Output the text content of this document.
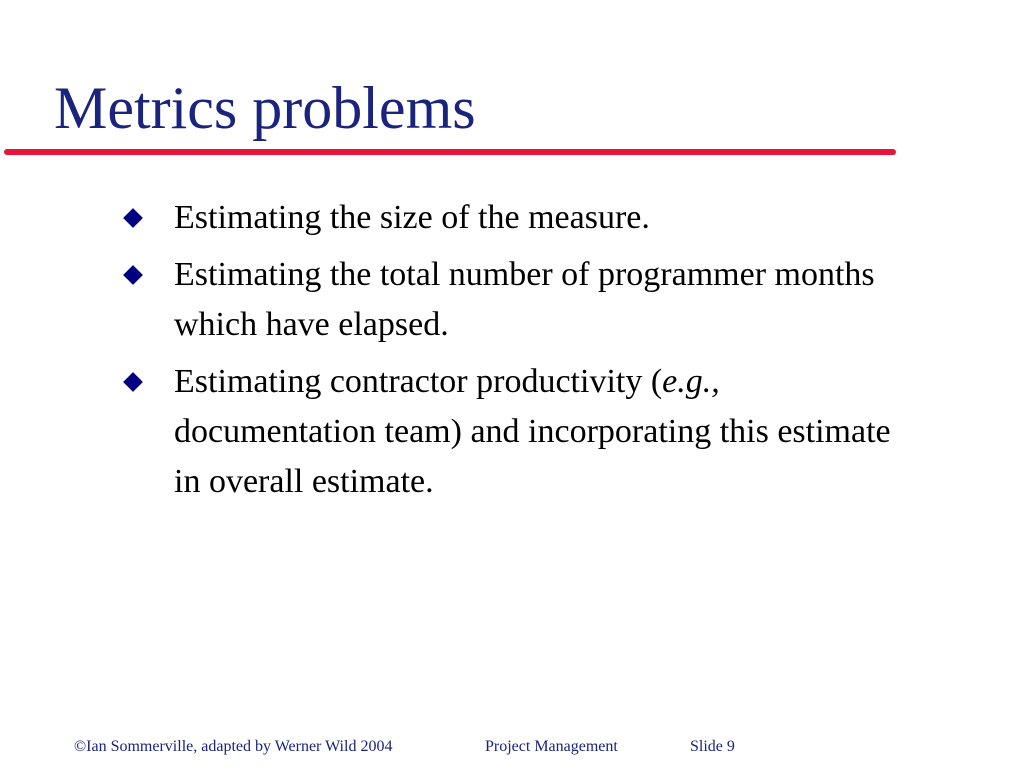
Metrics problems
Estimating the size of the measure.
Estimating the total number of programmer months which have elapsed.
Estimating contractor productivity (e.g., documentation team) and incorporating this estimate in overall estimate.
©Ian Sommerville, adapted by Werner Wild 2004	Project Management	Slide 9
